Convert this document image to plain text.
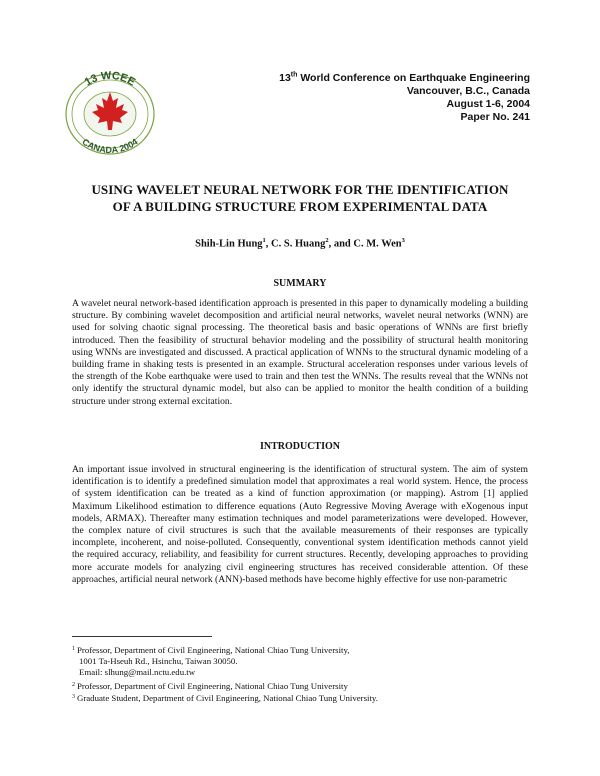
13 WCEE
CANADA 2004
13th World Conference on Earthquake Engineering
Vancouver, B.C., Canada
August 1-6, 2004
Paper No. 241
USING WAVELET NEURAL NETWORK FOR THE IDENTIFICATION
OF A BUILDING STRUCTURE FROM EXPERIMENTAL DATA
Shih-Lin Hung$^1$, C. S. Huang$^2$, and C. M. Wen$^3$
SUMMARY
A wavelet neural network-based identification approach is presented in this paper to dynamically modeling a building structure. By combining wavelet decomposition and artificial neural networks, wavelet neural networks (WNN) are used for solving chaotic signal processing. The theoretical basis and basic operations of WNNs are first briefly introduced. Then the feasibility of structural behavior modeling and the possibility of structural health monitoring using WNNs are investigated and discussed. A practical application of WNNs to the structural dynamic modeling of a building frame in shaking tests is presented in an example. Structural acceleration responses under various levels of the strength of the Kobe earthquake were used to train and then test the WNNs. The results reveal that the WNNs not only identify the structural dynamic model, but also can be applied to monitor the health condition of a building structure under strong external excitation.
INTRODUCTION
An important issue involved in structural engineering is the identification of structural system. The aim of system identification is to identify a predefined simulation model that approximates a real world system. Hence, the process of system identification can be treated as a kind of function approximation (or mapping). Astrom [1] applied Maximum Likelihood estimation to difference equations (Auto Regressive Moving Average with eXogenous input models, ARMAX). Thereafter many estimation techniques and model parameterizations were developed. However, the complex nature of civil structures is such that the available measurements of their responses are typically incomplete, incoherent, and noise-polluted. Consequently, conventional system identification methods cannot yield the required accuracy, reliability, and feasibility for current structures. Recently, developing approaches to providing more accurate models for analyzing civil engineering structures has received considerable attention. Of these approaches, artificial neural network (ANN)-based methods have become highly effective for use non-parametric
$^1$ Professor, Department of Civil Engineering, National Chiao Tung University,
1001 Ta-Hseuh Rd., Hsinchu, Taiwan 30050.
Email: slhung@mail.nctu.edu.tw
$^2$ Professor, Department of Civil Engineering, National Chiao Tung University
$^3$ Graduate Student, Department of Civil Engineering, National Chiao Tung University.
